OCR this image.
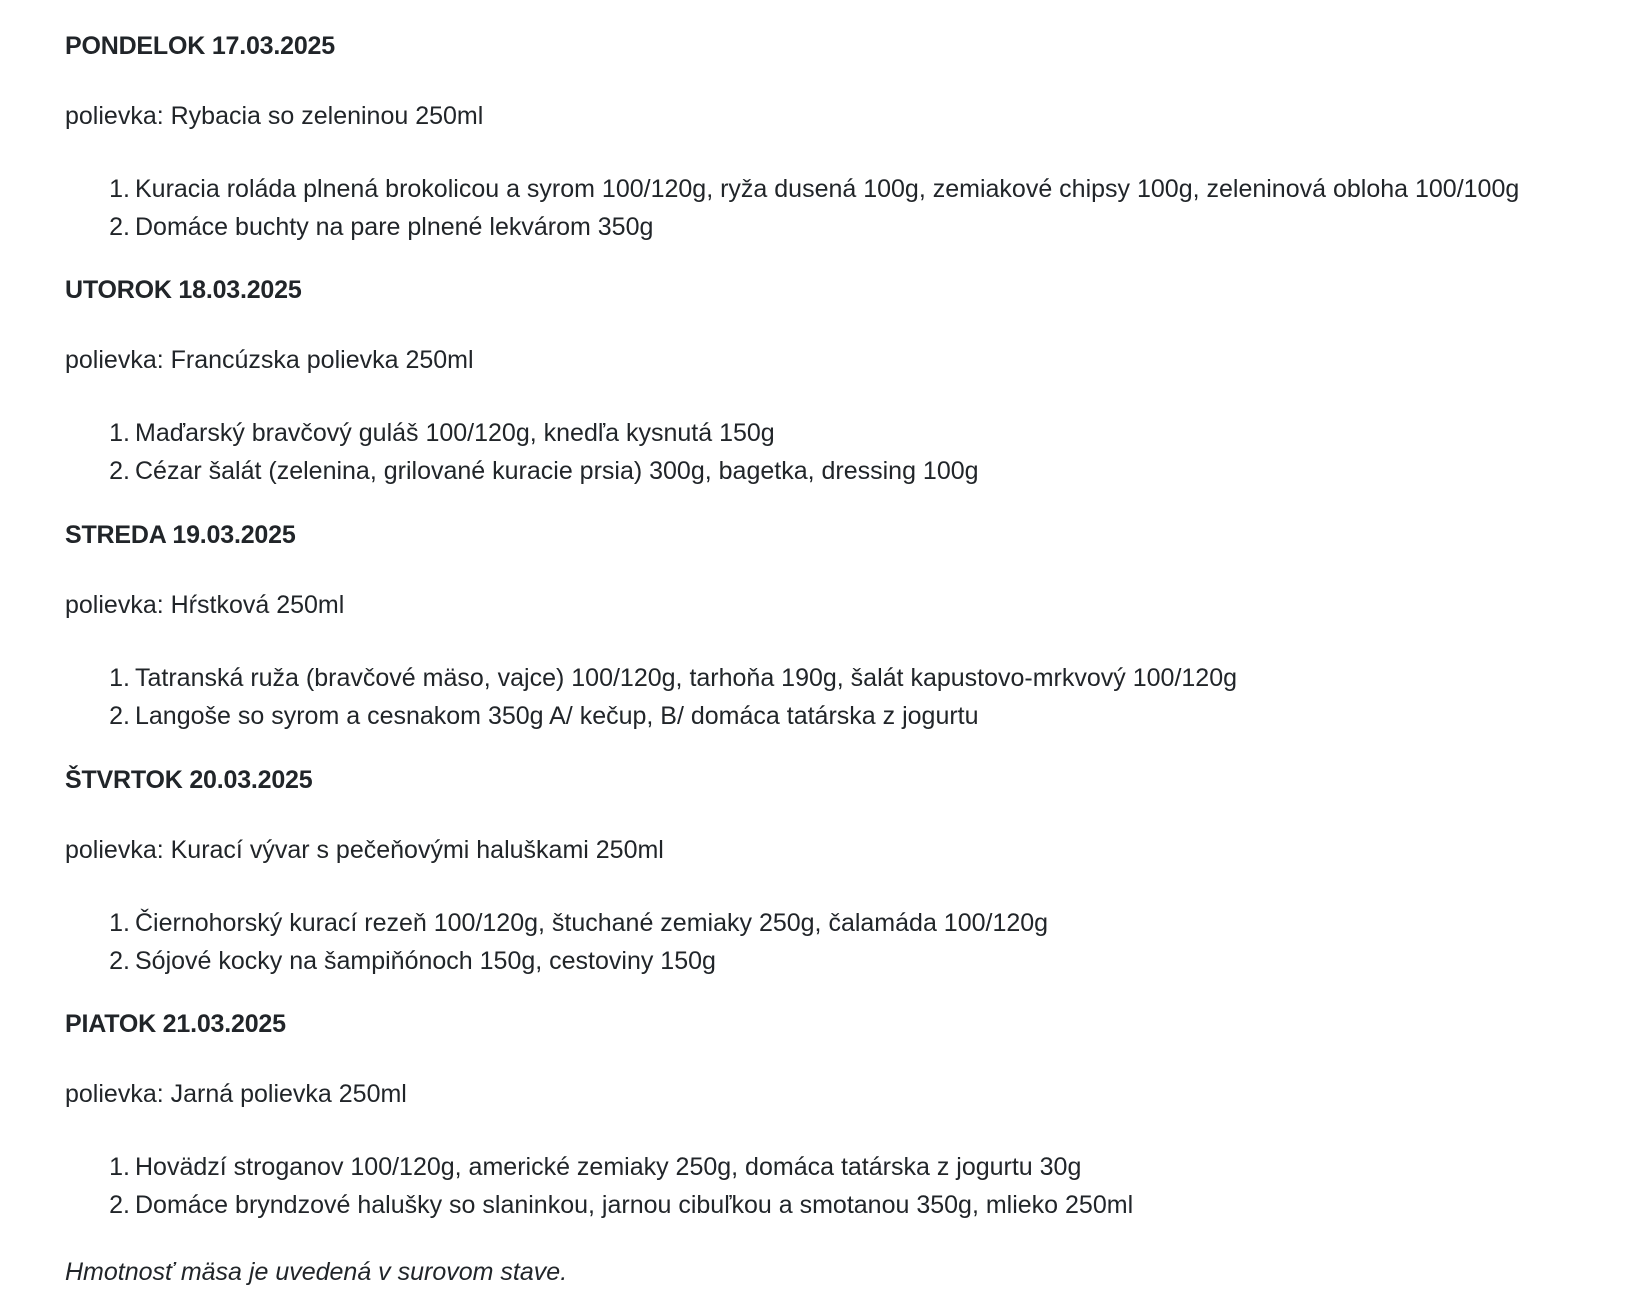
PONDELOK 17.03.2025

polievka: Rybacia so zeleninou 250ml

1. Kuracia roláda plnená brokolicou a syrom 100/120g, ryža dusená 100g, zemiakové chipsy 100g, zeleninová obloha 100/100g
2. Domáce buchty na pare plnené lekvárom 350g
UTOROK 18.03.2025

polievka: Francúzska polievka 250ml

1. Maďarský bravčový guláš 100/120g, knedľa kysnutá 150g
2. Cézar šalát (zelenina, grilované kuracie prsia) 300g, bagetka, dressing 100g
STREDA 19.03.2025

polievka: Hŕstková 250ml

1. Tatranská ruža (bravčové mäso, vajce) 100/120g, tarhoňa 190g, šalát kapustovo-mrkvový 100/120g
2. Langoše so syrom a cesnakom 350g A/ kečup, B/ domáca tatárska z jogurtu
ŠTVRTOK 20.03.2025

polievka: Kurací vývar s pečeňovými haluškami 250ml

1. Čiernohorský kurací rezeň 100/120g, štuchané zemiaky 250g, čalamáda 100/120g
2. Sójové kocky na šampiňónoch 150g, cestoviny 150g
PIATOK 21.03.2025

polievka: Jarná polievka 250ml

1. Hovädzí stroganov 100/120g, americké zemiaky 250g, domáca tatárska z jogurtu 30g
2. Domáce bryndzové halušky so slaninkou, jarnou cibuľkou a smotanou 350g, mlieko 250ml

Hmotnosť mäsa je uvedená v surovom stave.
